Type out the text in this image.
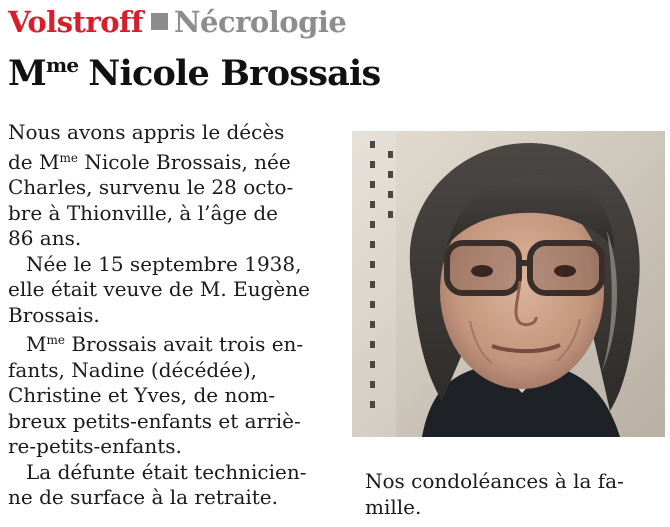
Volstroff Nécrologie
$M^{me}$ Nicole Brossais

Nous avons appris le décès

de $M^{me}$ Nicole Brossais, née

Charles, survenu le 28 octo-

bre à Thionville, à l’âge de

86 ans.

Née le 15 septembre 1938,

elle était veuve de M. Eugène

Brossais.

$M^{me}$ Brossais avait trois en-

fants, Nadine (décédée),

Christine et Yves, de nom-

breux petits-enfants et arriè-

re-petits-enfants.

La défunte était technicien-

ne de surface à la retraite.

Nos condoléances à la fa-

mille.
